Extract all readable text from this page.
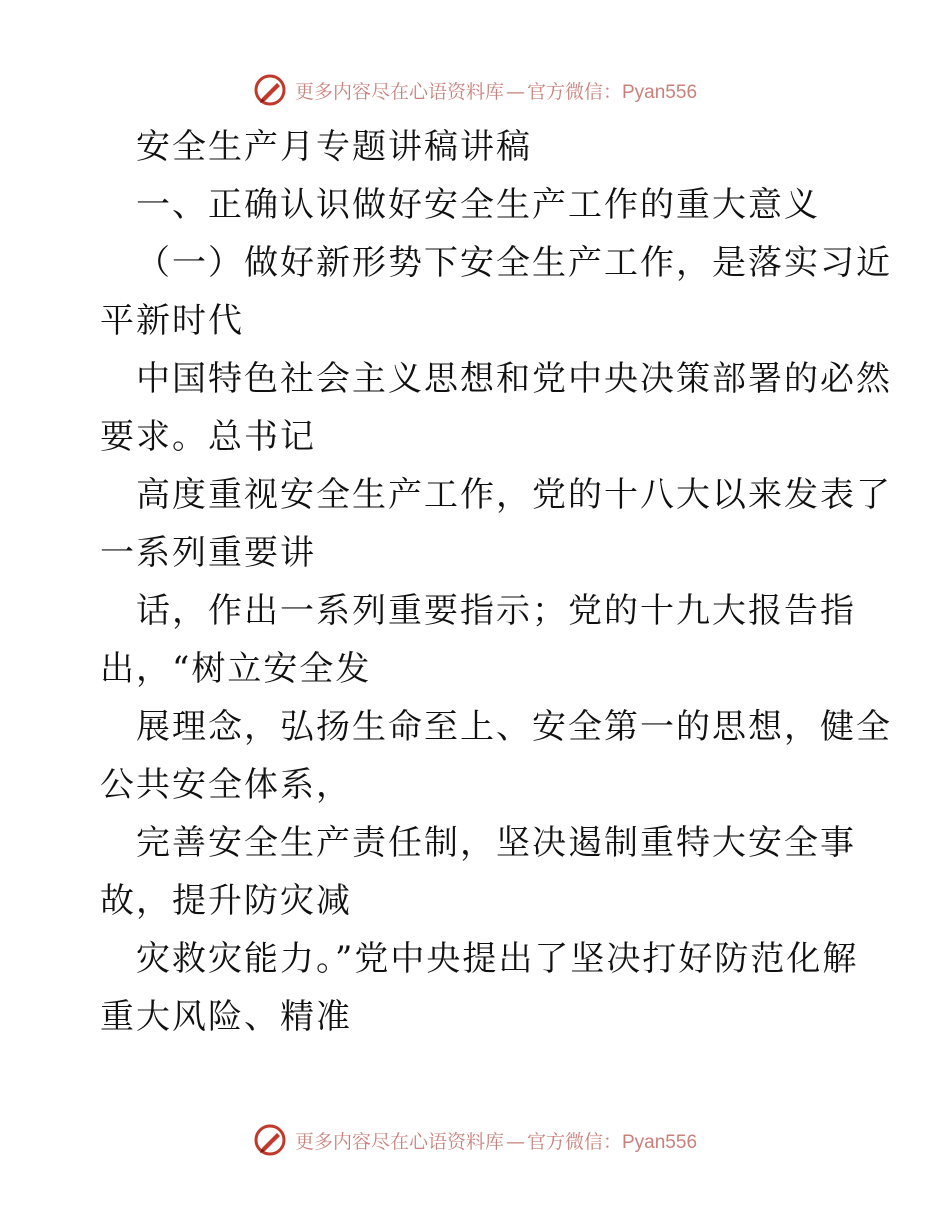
更多内容尽在心语资料库 — 官方微信： Pyan556
安全生产月专题讲稿讲稿
一、正确认识做好安全生产工作的重大意义
（一）做好新形势下安全生产工作，是落实习近
平新时代
中国特色社会主义思想和党中央决策部署的必然
要求。总书记
高度重视安全生产工作，党的十八大以来发表了
一系列重要讲
话，作出一系列重要指示；党的十九大报告指
出，“树立安全发
展理念，弘扬生命至上、安全第一的思想，健全
公共安全体系，
完善安全生产责任制，坚决遏制重特大安全事
故，提升防灾减
灾救灾能力。”党中央提出了坚决打好防范化解
重大风险、精准
更多内容尽在心语资料库 — 官方微信： Pyan556
